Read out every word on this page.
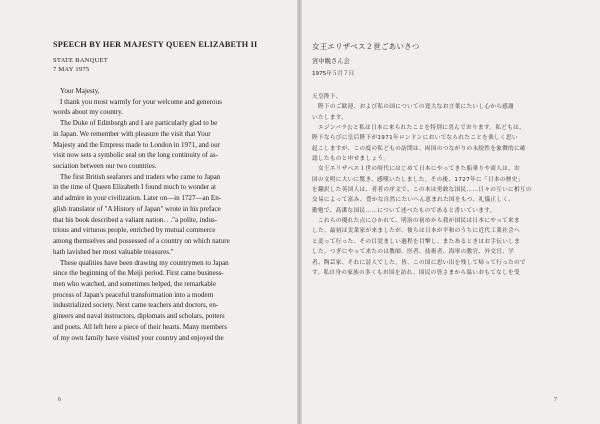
SPEECH BY HER MAJESTY QUEEN ELIZABETH II
STATE BANQUET
7 MAY 1975
Your Majesty,
I thank you most warmly for your welcome and generous
words about my country.
The Duke of Edinburgh and I are particularly glad to be
in Japan. We remember with pleasure the visit that Your
Majesty and the Empress made to London in 1971, and our
visit now sets a symbolic seal on the long continuity of as-
sociation between our two countries.
The first British seafarers and traders who came to Japan
in the time of Queen Elizabeth I found much to wonder at
and admire in your civilization. Later on—in 1727—an En-
glish translator of "A History of Japan" wrote in his preface
that his book described a valiant nation. . ."a polite, indus-
trious and virtuous people, enriched by mutual commerce
among themselves and possessed of a country on which nature
hath lavished her most valuable treasures."
These qualities have been drawing my countrymen to Japan
since the beginning of the Meiji period. First came business-
men who watched, and sometimes helped, the remarkable
process of Japan's peaceful transformation into a modern
industrialized society. Next came teachers and doctors, en-
gineers and naval instructors, diplomats and scholars, potters
and poets. All left here a piece of their hearts. Many members
of my own family have visited your country and enjoyed the
6
女王エリザベス２世ごあいさつ
宮中晩さん会
1975年５月７日
天皇陛下、
陛下のご歓迎、および私の国についての寛大なお言葉にたいし心から感謝
いたします。
エジンバラ公と私は日本に来られたことを特別に喜んでおります。私どもは、
陛下ならびに皇后陛下が1971年ロンドンにおいでなられたことを楽しく思い
起こしますが、この度の私どもの訪問は、両国のつながりの永続性を象徴的に確
認したものと申せましょう。
女王エリザベス１世の時代にはじめて日本にやってきた船乗りや商人は、お
国の文明に大いに驚き、感嘆いたしました。その後、1727年に「日本の歴史」
を翻訳した英国人は、者者の序文で、この本は勇敢な国民……日々の互いに相互の
交易によって富み、豊かな自然にたいへん恵まれた国をもつ、礼儀正しく、
勤勉で、高潔な国民……について述べたものであると書いています。
これらの優れた点にひかれて、明治の初めから我が国民は日本にやって来ま
した。最初は実業家が来ましたが、彼らは日本が平和のうちに近代工業社会へ
と変って行った、その目覚ましい過程を目撃し、またあるときはお手伝いしま
した。つぎにやって来たのは教師、医者、技術者、海軍の教官、外交官、学
者、陶芸家、それに詩人でした。皆、この国に思い出を残して帰って行ったので
す。私自身の家族の多くもお国を訪れ、国民の皆さまから温いおもてなしを受
7
